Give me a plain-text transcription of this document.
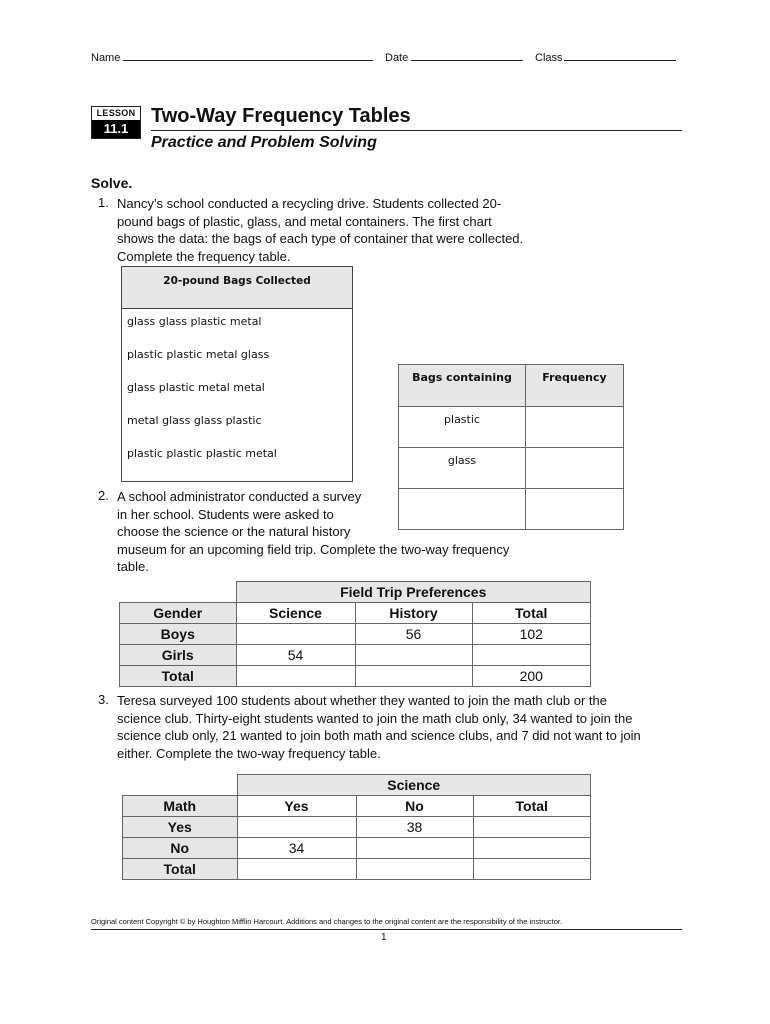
Name	Date	Class
LESSON
11.1
Two-Way Frequency Tables
Practice and Problem Solving
Solve.
1. Nancy’s school conducted a recycling drive. Students collected 20-
pound bags of plastic, glass, and metal containers. The first chart
shows the data: the bags of each type of container that were collected.
Complete the frequency table.
20-pound Bags Collected
glass glass plastic metal
plastic plastic metal glass
glass plastic metal metal
metal glass glass plastic
plastic plastic plastic metal
Bags containing	Frequency
plastic	
glass	

2. A school administrator conducted a survey
in her school. Students were asked to
choose the science or the natural history
museum for an upcoming field trip. Complete the two-way frequency
table.
	Field Trip Preferences		
Gender	Science	History	Total
Boys		56	102
Girls	54		
Total			200
3. Teresa surveyed 100 students about whether they wanted to join the math club or the
science club. Thirty-eight students wanted to join the math club only, 34 wanted to join the
science club only, 21 wanted to join both math and science clubs, and 7 did not want to join
either. Complete the two-way frequency table.
	Science		
Math	Yes	No	Total
Yes		38	
No	34		
Total			
Original content Copyright © by Houghton Mifflin Harcourt. Additions and changes to the original content are the responsibility of the instructor.
1
